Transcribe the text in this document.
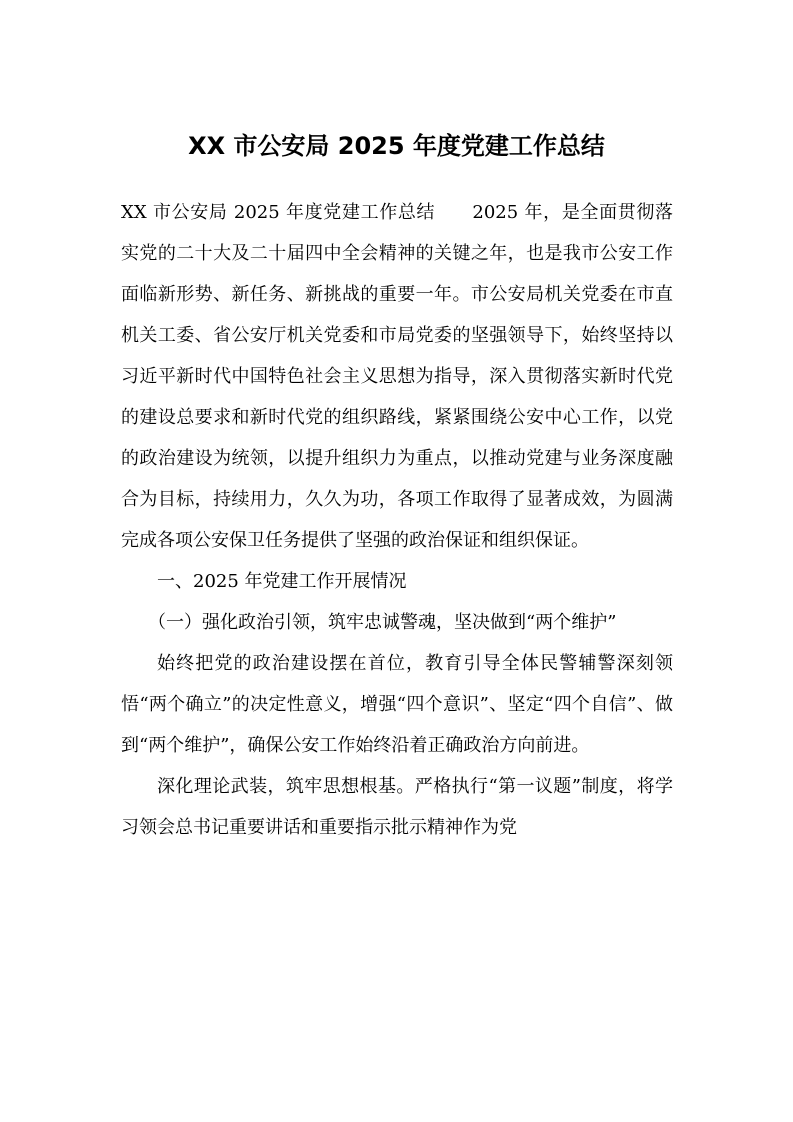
XX 市公安局 2025 年度党建工作总结

XX 市公安局 2025 年度党建工作总结　　2025 年，是全面贯彻落实党的二十大及二十届四中全会精神的关键之年，也是我市公安工作面临新形势、新任务、新挑战的重要一年。市公安局机关党委在市直机关工委、省公安厅机关党委和市局党委的坚强领导下，始终坚持以习近平新时代中国特色社会主义思想为指导，深入贯彻落实新时代党的建设总要求和新时代党的组织路线，紧紧围绕公安中心工作，以党的政治建设为统领，以提升组织力为重点，以推动党建与业务深度融合为目标，持续用力，久久为功，各项工作取得了显著成效，为圆满完成各项公安保卫任务提供了坚强的政治保证和组织保证。

一、2025 年党建工作开展情况

（一）强化政治引领，筑牢忠诚警魂，坚决做到“两个维护”

始终把党的政治建设摆在首位，教育引导全体民警辅警深刻领悟“两个确立”的决定性意义，增强“四个意识”、坚定“四个自信”、做到“两个维护”，确保公安工作始终沿着正确政治方向前进。

深化理论武装，筑牢思想根基。严格执行“第一议题”制度，将学习领会总书记重要讲话和重要指示批示精神作为党
